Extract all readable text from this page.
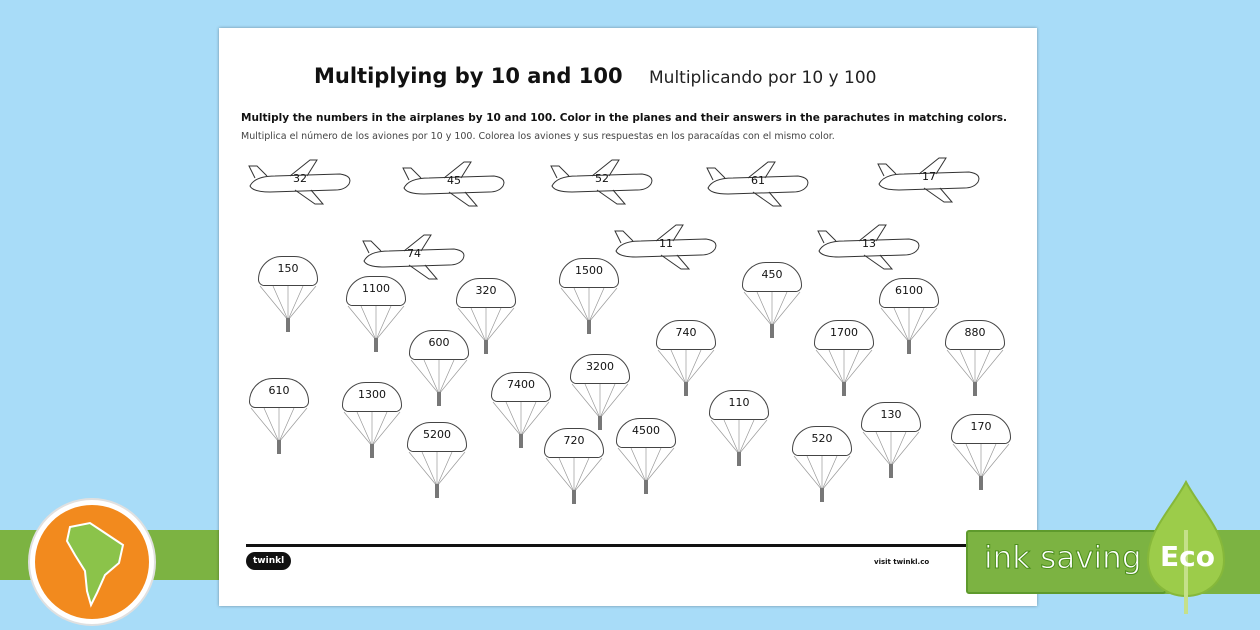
Multiplying by 10 and 100 Multiplicando por 10 y 100
Multiply the numbers in the airplanes by 10 and 100. Color in the planes and their answers in the parachutes in matching colors.
Multiplica el número de los aviones por 10 y 100. Colorea los aviones y sus respuestas en los paracaídas con el mismo color.
32	45	52	61	17
74
11	13
150
1100	320
1500	450
6100
600
740	1700	880
3200
7400
610	1300
110
130
170
5200	720
4500
520
twinkl	visit twinkl.co ink saving Eco
